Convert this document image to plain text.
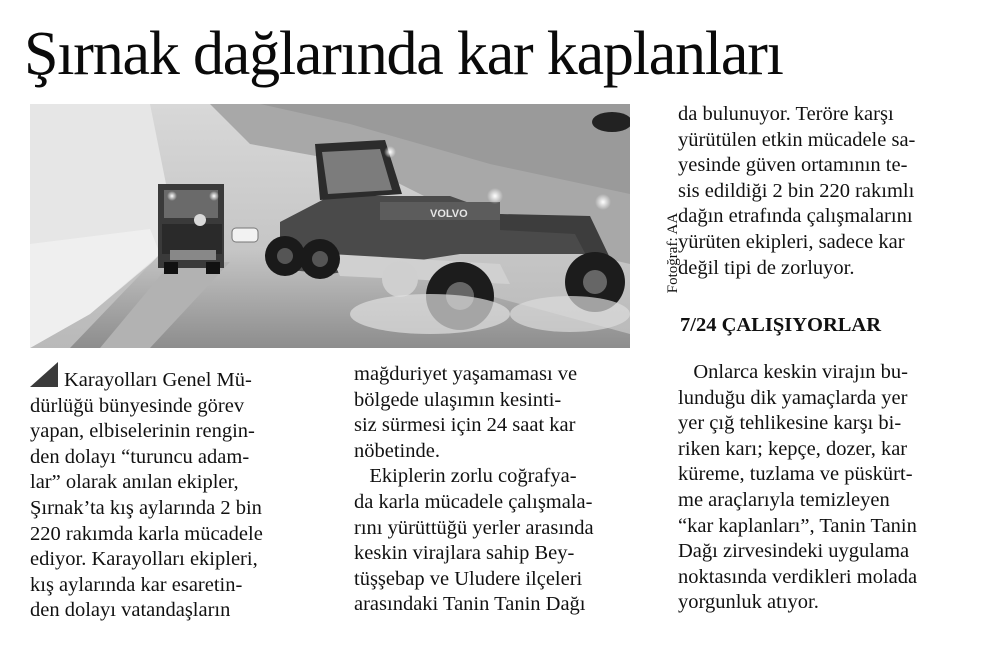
Şırnak dağlarında kar kaplanları
VOLVO	Fotoğraf: AA

Karayolları Genel Mü-

dürlüğü bünyesinde görev

yapan, elbiselerinin rengin-

den dolayı “turuncu adam-

lar” olarak anılan ekipler,

Şırnak’ta kış aylarında 2 bin

220 rakımda karla mücadele

ediyor. Karayolları ekipleri,

kış aylarında kar esaretin-

den dolayı vatandaşların

mağduriyet yaşamaması ve

bölgede ulaşımın kesinti-

siz sürmesi için 24 saat kar

nöbetinde.

Ekiplerin zorlu coğrafya-

da karla mücadele çalışmala-

rını yürüttüğü yerler arasında

keskin virajlara sahip Bey-

tüşşebap ve Uludere ilçeleri

arasındaki Tanin Tanin Dağı

da bulunuyor. Teröre karşı

yürütülen etkin mücadele sa-

yesinde güven ortamının te-

sis edildiği 2 bin 220 rakımlı

dağın etrafında çalışmalarını

yürüten ekipleri, sadece kar

değil tipi de zorluyor.

7/24 ÇALIŞIYORLAR

Onlarca keskin virajın bu-

lunduğu dik yamaçlarda yer

yer çığ tehlikesine karşı bi-

riken karı; kepçe, dozer, kar

küreme, tuzlama ve püskürt-

me araçlarıyla temizleyen

“kar kaplanları”, Tanin Tanin

Dağı zirvesindeki uygulama

noktasında verdikleri molada

yorgunluk atıyor.
